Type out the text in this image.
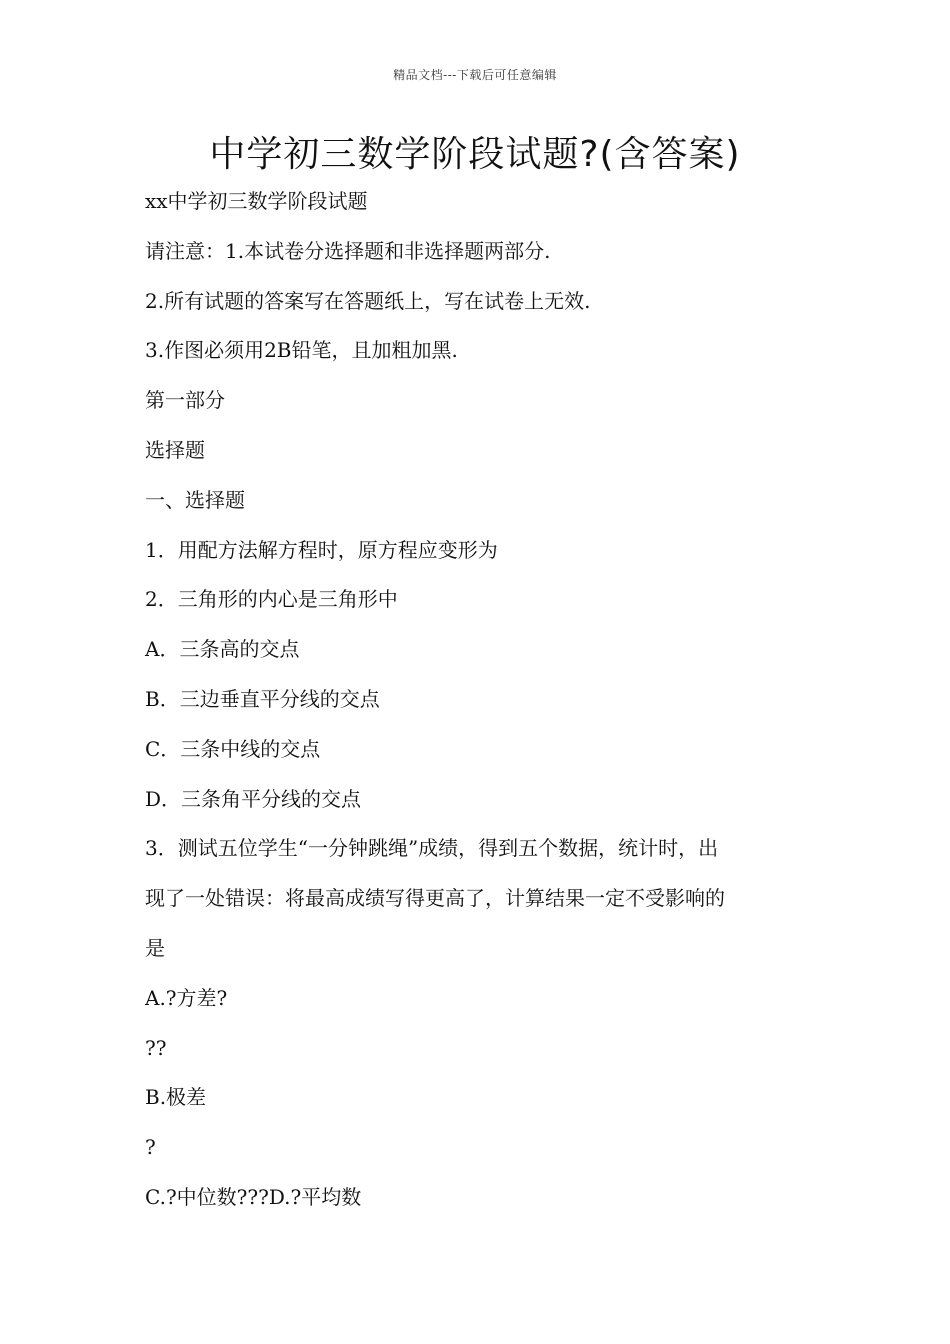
精品文档---下载后可任意编辑
中学初三数学阶段试题?(含答案)
xx中学初三数学阶段试题
请注意：1.本试卷分选择题和非选择题两部分.
2.所有试题的答案写在答题纸上，写在试卷上无效.
3.作图必须用2B铅笔，且加粗加黑.
第一部分
选择题
一、选择题
1．用配方法解方程时，原方程应变形为
2．三角形的内心是三角形中
A．三条高的交点
B．三边垂直平分线的交点
C．三条中线的交点
D．三条角平分线的交点
3．测试五位学生“一分钟跳绳”成绩，得到五个数据，统计时，出
现了一处错误：将最高成绩写得更高了，计算结果一定不受影响的
是
A.?方差?
??
B.极差
?
C.?中位数???D.?平均数
